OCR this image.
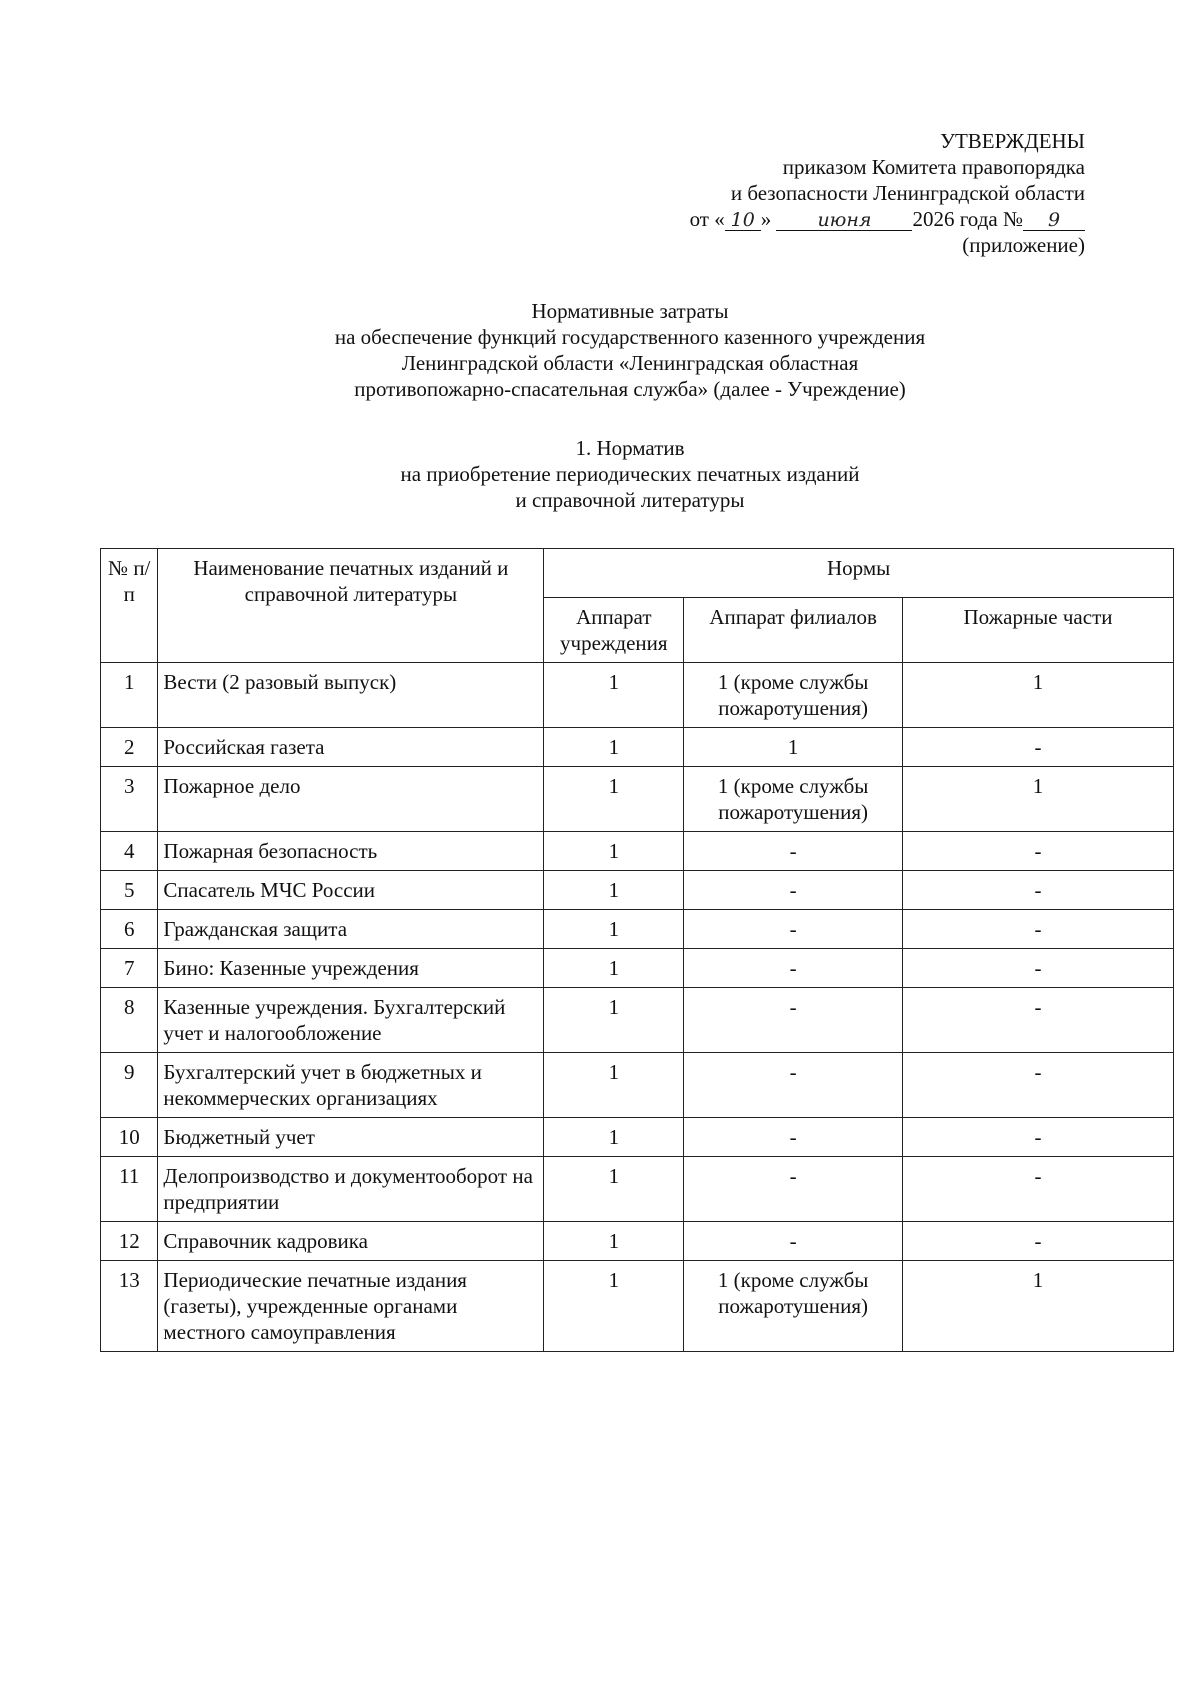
УТВЕРЖДЕНЫ
приказом Комитета правопорядка
и безопасности Ленинградской области
от « 10 » июня 2026 года № 9
(приложение)
Нормативные затраты
на обеспечение функций государственного казенного учреждения
Ленинградской области «Ленинградская областная
противопожарно-спасательная служба» (далее - Учреждение)
1. Норматив
на приобретение периодических печатных изданий
и справочной литературы
№ п/п	Наименование печатных изданий и справочной литературы	Нормы		
		Аппарат учреждения	Аппарат филиалов	Пожарные части
1	Вести (2 разовый выпуск)	1	1 (кроме службы пожаротушения)	1
2	Российская газета	1	1	-
3	Пожарное дело	1	1 (кроме службы пожаротушения)	1
4	Пожарная безопасность	1	-	-
5	Спасатель МЧС России	1	-	-
6	Гражданская защита	1	-	-
7	Бино: Казенные учреждения	1	-	-
8	Казенные учреждения. Бухгалтерский учет и налогообложение	1	-	-
9	Бухгалтерский учет в бюджетных и некоммерческих организациях	1	-	-
10	Бюджетный учет	1	-	-
11	Делопроизводство и документооборот на предприятии	1	-	-
12	Справочник кадровика	1	-	-
13	Периодические печатные издания (газеты), учрежденные органами местного самоуправления	1	1 (кроме службы пожаротушения)	1
